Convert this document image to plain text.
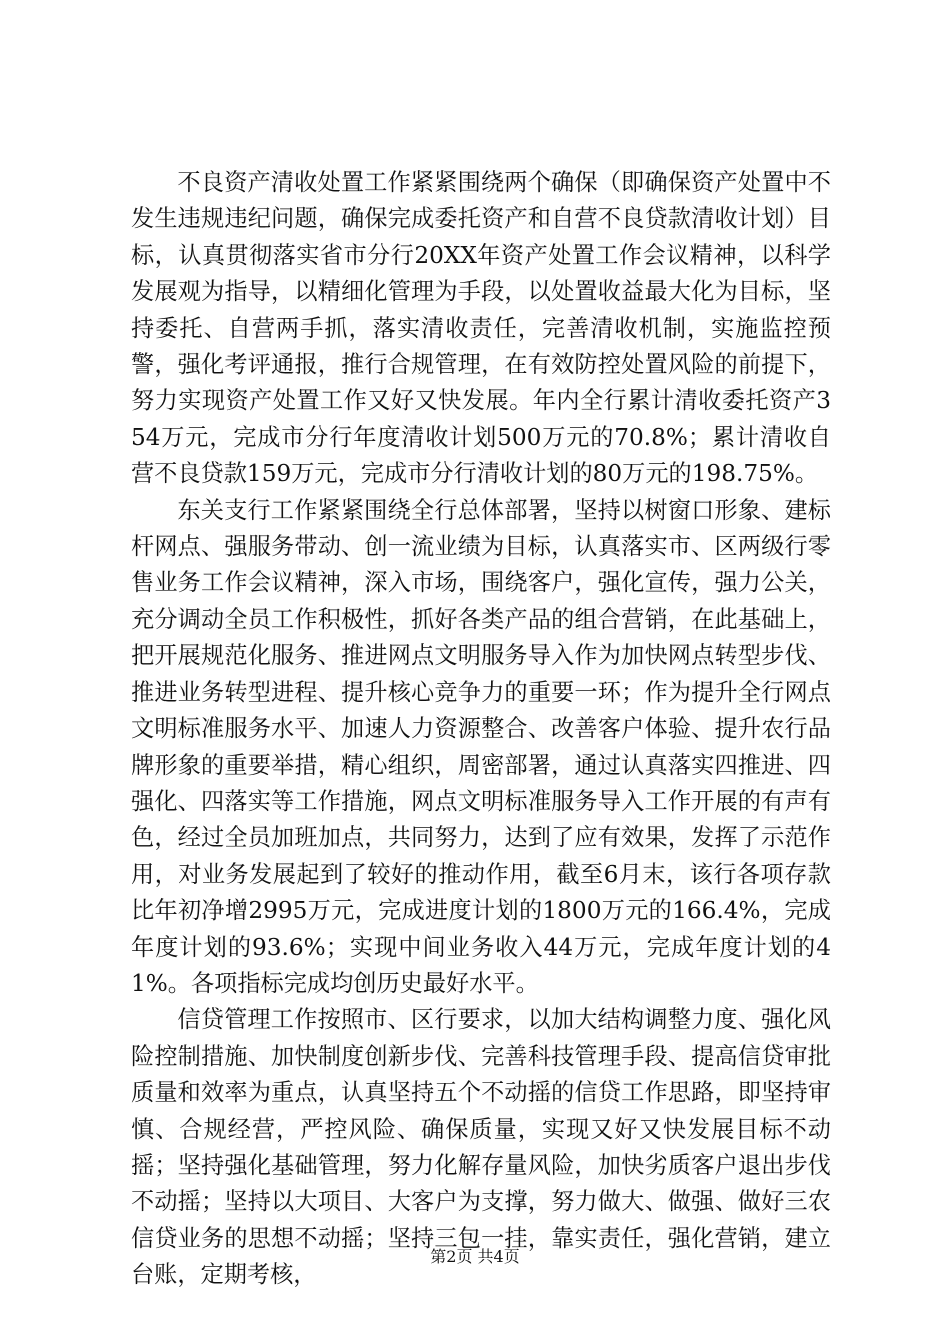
不良资产清收处置工作紧紧围绕两个确保（即确保资产处置中不发生违规违纪问题，确保完成委托资产和自营不良贷款清收计划）目标，认真贯彻落实省市分行20XX年资产处置工作会议精神，以科学发展观为指导，以精细化管理为手段，以处置收益最大化为目标，坚持委托、自营两手抓，落实清收责任，完善清收机制，实施监控预警，强化考评通报，推行合规管理，在有效防控处置风险的前提下，努力实现资产处置工作又好又快发展。年内全行累计清收委托资产354万元，完成市分行年度清收计划500万元的70.8%；累计清收自营不良贷款159万元，完成市分行清收计划的80万元的198.75%。

东关支行工作紧紧围绕全行总体部署，坚持以树窗口形象、建标杆网点、强服务带动、创一流业绩为目标，认真落实市、区两级行零售业务工作会议精神，深入市场，围绕客户，强化宣传，强力公关，充分调动全员工作积极性，抓好各类产品的组合营销，在此基础上，把开展规范化服务、推进网点文明服务导入作为加快网点转型步伐、推进业务转型进程、提升核心竞争力的重要一环；作为提升全行网点文明标准服务水平、加速人力资源整合、改善客户体验、提升农行品牌形象的重要举措，精心组织，周密部署，通过认真落实四推进、四强化、四落实等工作措施，网点文明标准服务导入工作开展的有声有色，经过全员加班加点，共同努力，达到了应有效果，发挥了示范作用，对业务发展起到了较好的推动作用，截至6月末，该行各项存款比年初净增2995万元，完成进度计划的1800万元的166.4%，完成年度计划的93.6%；实现中间业务收入44万元，完成年度计划的41%。各项指标完成均创历史最好水平。

信贷管理工作按照市、区行要求，以加大结构调整力度、强化风险控制措施、加快制度创新步伐、完善科技管理手段、提高信贷审批质量和效率为重点，认真坚持五个不动摇的信贷工作思路，即坚持审慎、合规经营，严控风险、确保质量，实现又好又快发展目标不动摇；坚持强化基础管理，努力化解存量风险，加快劣质客户退出步伐不动摇；坚持以大项目、大客户为支撑，努力做大、做强、做好三农信贷业务的思想不动摇；坚持三包一挂，靠实责任，强化营销，建立台账，定期考核，

第2页 共4页
